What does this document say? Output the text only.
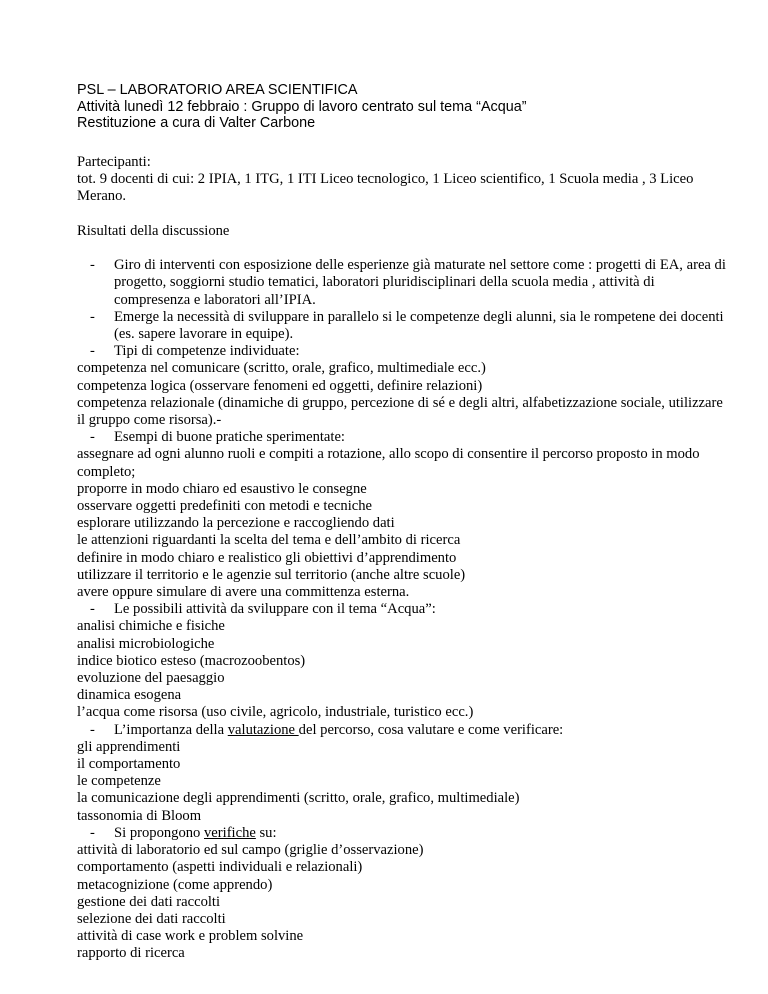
PSL – LABORATORIO AREA SCIENTIFICA
Attività lunedì 12 febbraio : Gruppo di lavoro centrato sul tema “Acqua”
Restituzione a cura di Valter Carbone

Partecipanti:

tot. 9 docenti di cui: 2 IPIA, 1 ITG, 1 ITI Liceo tecnologico, 1 Liceo scientifico, 1 Scuola media , 3 Liceo Merano.

Risultati della discussione

- Giro di interventi con esposizione delle esperienze già maturate nel settore come : progetti di EA, area di progetto, soggiorni studio tematici, laboratori pluridisciplinari della scuola media , attività di compresenza e laboratori all’IPIA.

- Emerge la necessità di sviluppare in parallelo si le competenze degli alunni, sia le rompetene dei docenti (es. sapere lavorare in equipe).

- Tipi di competenze individuate:

competenza nel comunicare (scritto, orale, grafico, multimediale ecc.)

competenza logica (osservare fenomeni ed oggetti, definire relazioni)

competenza relazionale (dinamiche di gruppo, percezione di sé e degli altri, alfabetizzazione sociale, utilizzare il gruppo come risorsa).-

- Esempi di buone pratiche sperimentate:

assegnare ad ogni alunno ruoli e compiti a rotazione, allo scopo di consentire il percorso proposto in modo completo;

proporre in modo chiaro ed esaustivo le consegne

osservare oggetti predefiniti con metodi e tecniche

esplorare utilizzando la percezione e raccogliendo dati

le attenzioni riguardanti la scelta del tema e dell’ambito di ricerca

definire in modo chiaro e realistico gli obiettivi d’apprendimento

utilizzare il territorio e le agenzie sul territorio (anche altre scuole)

avere oppure simulare di avere una committenza esterna.

- Le possibili attività da sviluppare con il tema “Acqua”:

analisi chimiche e fisiche

analisi microbiologiche

indice biotico esteso (macrozoobentos)

evoluzione del paesaggio

dinamica esogena

l’acqua come risorsa (uso civile, agricolo, industriale, turistico ecc.)

- L’importanza della valutazione del percorso, cosa valutare e come verificare:

gli apprendimenti

il comportamento

le competenze

la comunicazione degli apprendimenti (scritto, orale, grafico, multimediale)

tassonomia di Bloom

- Si propongono verifiche su:

attività di laboratorio ed sul campo (griglie d’osservazione)

comportamento (aspetti individuali e relazionali)

metacognizione (come apprendo)

gestione dei dati raccolti

selezione dei dati raccolti

attività di case work e problem solvine

rapporto di ricerca
